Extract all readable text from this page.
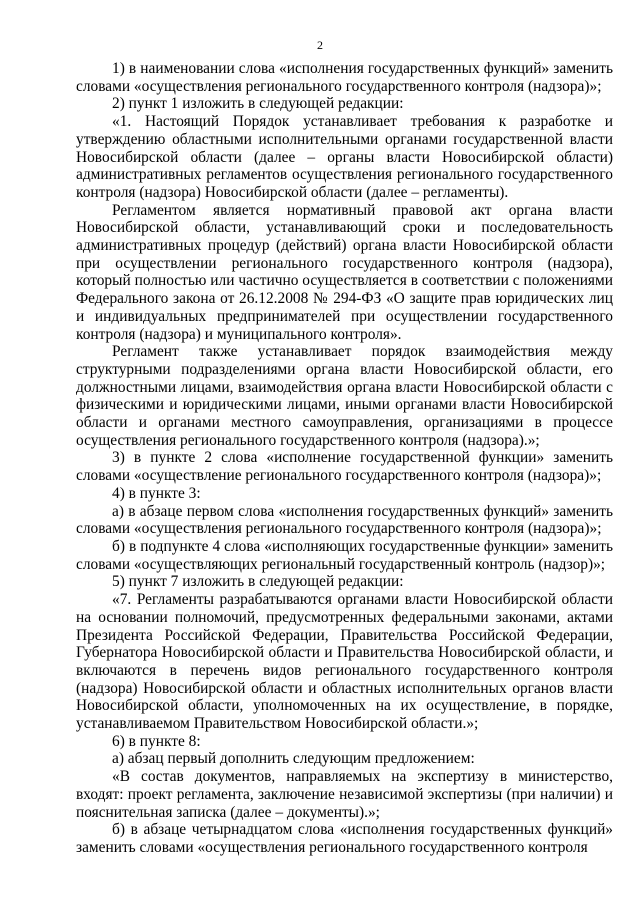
2

1) в наименовании слова «исполнения государственных функций» заменить словами «осуществления регионального государственного контроля (надзора)»;

2) пункт 1 изложить в следующей редакции:

«1. Настоящий Порядок устанавливает требования к разработке и утверждению областными исполнительными органами государственной власти Новосибирской области (далее – органы власти Новосибирской области) административных регламентов осуществления регионального государственного контроля (надзора) Новосибирской области (далее – регламенты).

Регламентом является нормативный правовой акт органа власти Новосибирской области, устанавливающий сроки и последовательность административных процедур (действий) органа власти Новосибирской области при осуществлении регионального государственного контроля (надзора), который полностью или частично осуществляется в соответствии с положениями Федерального закона от 26.12.2008 № 294-ФЗ «О защите прав юридических лиц и индивидуальных предпринимателей при осуществлении государственного контроля (надзора) и муниципального контроля».

Регламент также устанавливает порядок взаимодействия между структурными подразделениями органа власти Новосибирской области, его должностными лицами, взаимодействия органа власти Новосибирской области с физическими и юридическими лицами, иными органами власти Новосибирской области и органами местного самоуправления, организациями в процессе осуществления регионального государственного контроля (надзора).»;

3) в пункте 2 слова «исполнение государственной функции» заменить словами «осуществление регионального государственного контроля (надзора)»;

4) в пункте 3:

а) в абзаце первом слова «исполнения государственных функций» заменить словами «осуществления регионального государственного контроля (надзора)»;

б) в подпункте 4 слова «исполняющих государственные функции» заменить словами «осуществляющих региональный государственный контроль (надзор)»;

5) пункт 7 изложить в следующей редакции:

«7. Регламенты разрабатываются органами власти Новосибирской области на основании полномочий, предусмотренных федеральными законами, актами Президента Российской Федерации, Правительства Российской Федерации, Губернатора Новосибирской области и Правительства Новосибирской области, и включаются в перечень видов регионального государственного контроля (надзора) Новосибирской области и областных исполнительных органов власти Новосибирской области, уполномоченных на их осуществление, в порядке, устанавливаемом Правительством Новосибирской области.»;

6) в пункте 8:

а) абзац первый дополнить следующим предложением:

«В состав документов, направляемых на экспертизу в министерство, входят: проект регламента, заключение независимой экспертизы (при наличии) и пояснительная записка (далее – документы).»;

б) в абзаце четырнадцатом слова «исполнения государственных функций» заменить словами «осуществления регионального государственного контроля
